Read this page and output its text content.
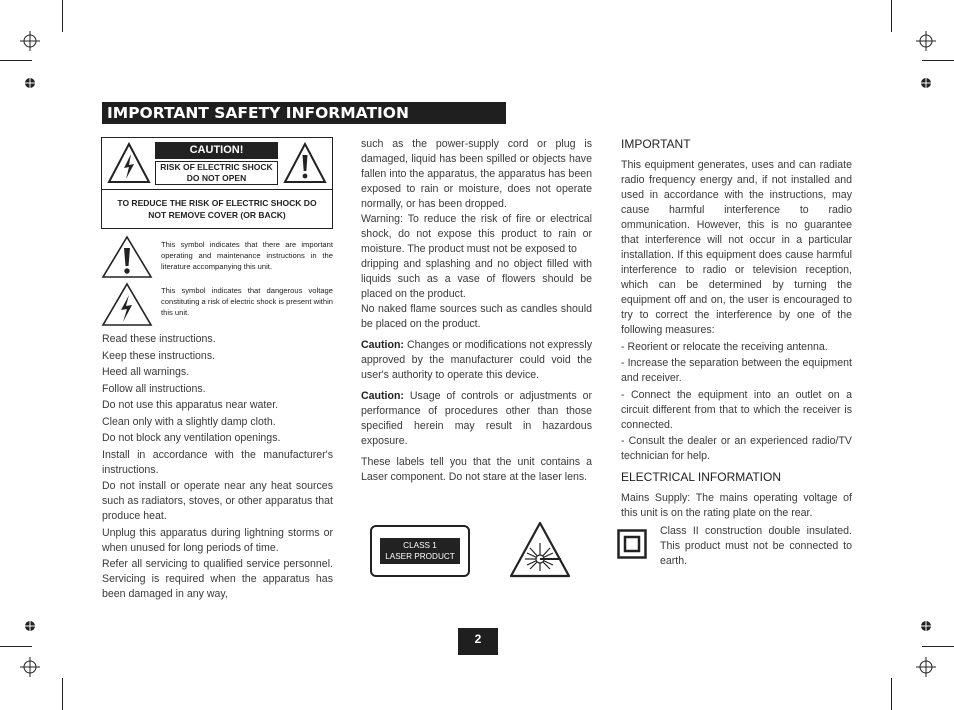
IMPORTANT SAFETY INFORMATION
CAUTION!
RISK OF ELECTRIC SHOCK
DO NOT OPEN
TO REDUCE THE RISK OF ELECTRIC SHOCK DO
NOT REMOVE COVER (OR BACK)
This symbol indicates that there are important operating and maintenance instructions in the literature accompanying this unit.
This symbol indicates that dangerous voltage constituting a risk of electric shock is present within this unit.

Read these instructions.

Keep these instructions.

Heed all warnings.

Follow all instructions.

Do not use this apparatus near water.

Clean only with a slightly damp cloth.

Do not block any ventilation openings.

Install in accordance with the manufacturer's instructions.

Do not install or operate near any heat sources such as radiators, stoves, or other apparatus that produce heat.

Unplug this apparatus during lightning storms or when unused for long periods of time.

Refer all servicing to qualified service personnel. Servicing is required when the apparatus has been damaged in any way,

such as the power-supply cord or plug is damaged, liquid has been spilled or objects have fallen into the apparatus, the apparatus has been exposed to rain or moisture, does not operate normally, or has been dropped.

Warning: To reduce the risk of fire or electrical shock, do not expose this product to rain or moisture. The product must not be exposed to

dripping and splashing and no object filled with liquids such as a vase of flowers should be placed on the product.

No naked flame sources such as candles should be placed on the product.

Caution: Changes or modifications not expressly approved by the manufacturer could void the user's authority to operate this device.

Caution: Usage of controls or adjustments or performance of procedures other than those specified herein may result in hazardous exposure.

These labels tell you that the unit contains a Laser component. Do not stare at the laser lens.

CLASS 1
LASER PRODUCT

IMPORTANT

This equipment generates, uses and can radiate radio frequency energy and, if not installed and used in accordance with the instructions, may cause harmful interference to radio ommunication. However, this is no guarantee that interference will not occur in a particular installation. If this equipment does cause harmful interference to radio or television reception, which can be determined by turning the equipment off and on, the user is encouraged to try to correct the interference by one of the following measures:

- Reorient or relocate the receiving antenna.

- Increase the separation between the equipment and receiver.

- Connect the equipment into an outlet on a circuit different from that to which the receiver is connected.

- Consult the dealer or an experienced radio/TV technician for help.

ELECTRICAL INFORMATION

Mains Supply: The mains operating voltage of this unit is on the rating plate on the rear.

Class II construction double insulated. This product must not be connected to earth.

2
